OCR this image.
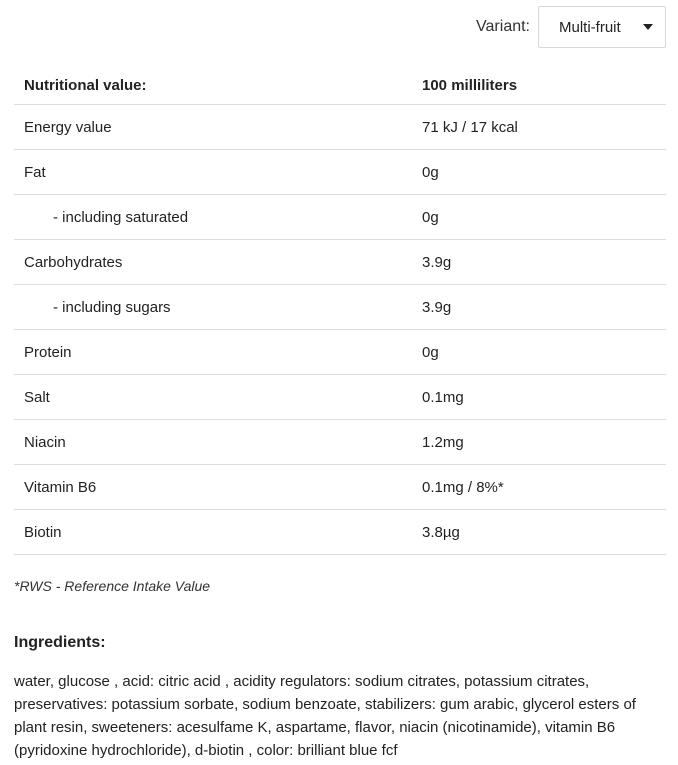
Variant: Multi-fruit
Nutritional value:	100 milliliters
Energy value	71 kJ / 17 kcal
Fat	0g
- including saturated	0g
Carbohydrates	3.9g
- including sugars	3.9g
Protein	0g
Salt	0.1mg
Niacin	1.2mg
Vitamin B6	0.1mg / 8%*
Biotin	3.8µg
*RWS - Reference Intake Value
Ingredients:
water, glucose , acid: citric acid , acidity regulators: sodium citrates, potassium citrates, preservatives: potassium sorbate, sodium benzoate, stabilizers: gum arabic, glycerol esters of plant resin, sweeteners: acesulfame K, aspartame, flavor, niacin (nicotinamide), vitamin B6 (pyridoxine hydrochloride), d-biotin , color: brilliant blue fcf
